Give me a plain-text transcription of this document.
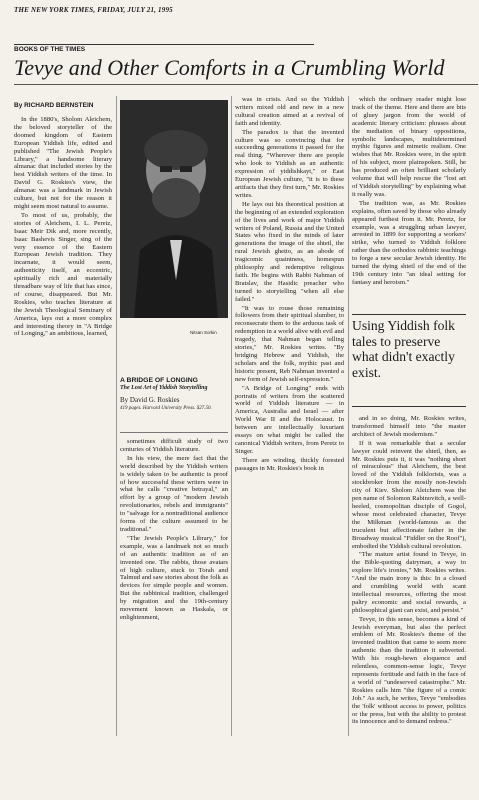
THE NEW YORK TIMES, FRIDAY, JULY 21, 1995
BOOKS OF THE TIMES
Tevye and Other Comforts in a Crumbling World
By RICHARD BERNSTEIN

In the 1880's, Sholom Aleichem, the beloved storyteller of the doomed kingdom of Eastern European Yiddish life, edited and published "The Jewish People's Library," a handsome literary almanac that included stories by the best Yiddish writers of the time. In David G. Roskies's view, the almanac was a landmark in Jewish culture, but not for the reason it might seem most natural to assume.

To most of us, probably, the stories of Aleichem, I. L. Peretz, Isaac Meir Dik and, more recently, Isaac Bashevis Singer, sing of the very essence of the Eastern European Jewish tradition. They incarnate, it would seem, authenticity itself, an eccentric, spiritually rich and materially threadbare way of life that has since, of course, disappeared. But Mr. Roskies, who teaches literature at the Jewish Theological Seminary of America, lays out a more complex and interesting theory in "A Bridge of Longing," an ambitious, learned,	Nitsan Sorkin
A BRIDGE OF LONGING
The Lost Art of Yiddish Storytelling
By David G. Roskies
419 pages. Harvard University Press. $27.50.

sometimes difficult study of two centuries of Yiddish literature.

In his view, the mere fact that the world described by the Yiddish writers is widely taken to be authentic is proof of how successful these writers were in what he calls "creative betrayal," an effort by a group of "modern Jewish revolutionaries, rebels and immigrants" to "salvage for a nontraditional audience forms of the culture assumed to be traditional."

"The Jewish People's Library," for example, was a landmark not so much of an authentic tradition as of an invented one. The rabbis, those avatars of high culture, stuck to Torah and Talmud and saw stories about the folk as devices for simple people and women. But the rabbinical tradition, challenged by migration and the 19th-century movement known as Haskala, or enlightenment,

was in crisis. And so the Yiddish writers mixed old and new in a new cultural creation aimed at a revival of faith and identity.

The paradox is that the invented culture was so convincing that for succeeding generations it passed for the real thing. "Wherever there are people who look to Yiddish as an authentic expression of yiddishkayt," or East European Jewish culture, "it is to these artifacts that they first turn," Mr. Roskies writes.

He lays out his theoretical position at the beginning of an extended exploration of the lives and work of major Yiddish writers of Poland, Russia and the United States who fixed in the minds of later generations the image of the shtetl, the rural Jewish ghetto, as an abode of tragicomic quaintness, homespun philosophy and redemptive religious faith. He begins with Rabbi Nahman of Bratslav, the Hasidic preacher who turned to storytelling "when all else failed."

"It was to rouse those remaining followers from their spiritual slumber, to reconsecrate them to the arduous task of redemption in a world alive with evil and tragedy, that Nahman began telling stories," Mr. Roskies writes. "By bridging Hebrew and Yiddish, the scholars and the folk, mythic past and historic present, Reb Nahman invented a new form of Jewish self-expression."

"A Bridge of Longing" ends with portraits of writers from the scattered world of Yiddish literature — in America, Australia and Israel — after World War II and the Holocaust. In between are intellectually luxuriant essays on what might be called the canonical Yiddish writers, from Peretz to Singer.

There are winding, thickly forested passages in Mr. Roskies's book in

which the ordinary reader might lose track of the theme. Here and there are bits of gluey jargon from the world of academic literary criticism: phrases about the mediation of binary oppositions, symbolic landscapes, multidetermined mythic figures and mimetic realism. One wishes that Mr. Roskies were, in the spirit of his subject, more plainspoken. Still, he has produced an often brilliant scholarly volume that will help rescue the "lost art of Yiddish storytelling" by explaining what it really was.

The tradition was, as Mr. Roskies explains, often saved by those who already appeared furthest from it. Mr. Peretz, for example, was a struggling urban lawyer, arrested in 1899 for supporting a workers' strike, who turned to Yiddish folklore rather than the orthodox rabbinic teachings to forge a new secular Jewish identity. He turned the dying shtetl of the end of the 19th century into "an ideal setting for fantasy and heroism."

Using Yiddish folk tales to preserve what didn't exactly exist.

and in so doing, Mr. Roskies writes, transformed himself into "the master architect of Jewish modernism."

If it was remarkable that a secular lawyer could reinvent the shtetl, then, as Mr. Roskies puts it, it was "nothing short of miraculous" that Aleichem, the best loved of the Yiddish folklorists, was a stockbroker from the mostly non-Jewish city of Kiev. Sholom Aleichem was the pen name of Solomon Rabinovitch, a well-heeled, cosmopolitan disciple of Gogol, whose most celebrated character, Tevye the Milkman (world-famous as the truculent but affectionate father in the Broadway musical "Fiddler on the Roof"), embodied the Yiddish cultural revolution.

"The mature artist found in Tevye, in the Bible-quoting dairyman, a way to explore life's ironies," Mr. Roskies writes. "And the main irony is this: In a closed and crumbling world with scant intellectual resources, offering the most paltry economic and social rewards, a philosophical giant can exist, and persist."

Tevye, in this sense, becomes a kind of Jewish everyman, but also the perfect emblem of Mr. Roskies's theme of the invented tradition that came to seem more authentic than the tradition it subverted. With his rough-hewn eloquence and relentless, common-sense logic, Tevye represents fortitude and faith in the face of a world of "undeserved catastrophe." Mr. Roskies calls him "the figure of a comic Job." As such, he writes, Tevye "embodies the 'folk' without access to power, politics or the press, but with the ability to protest its innocence and to demand redress."
